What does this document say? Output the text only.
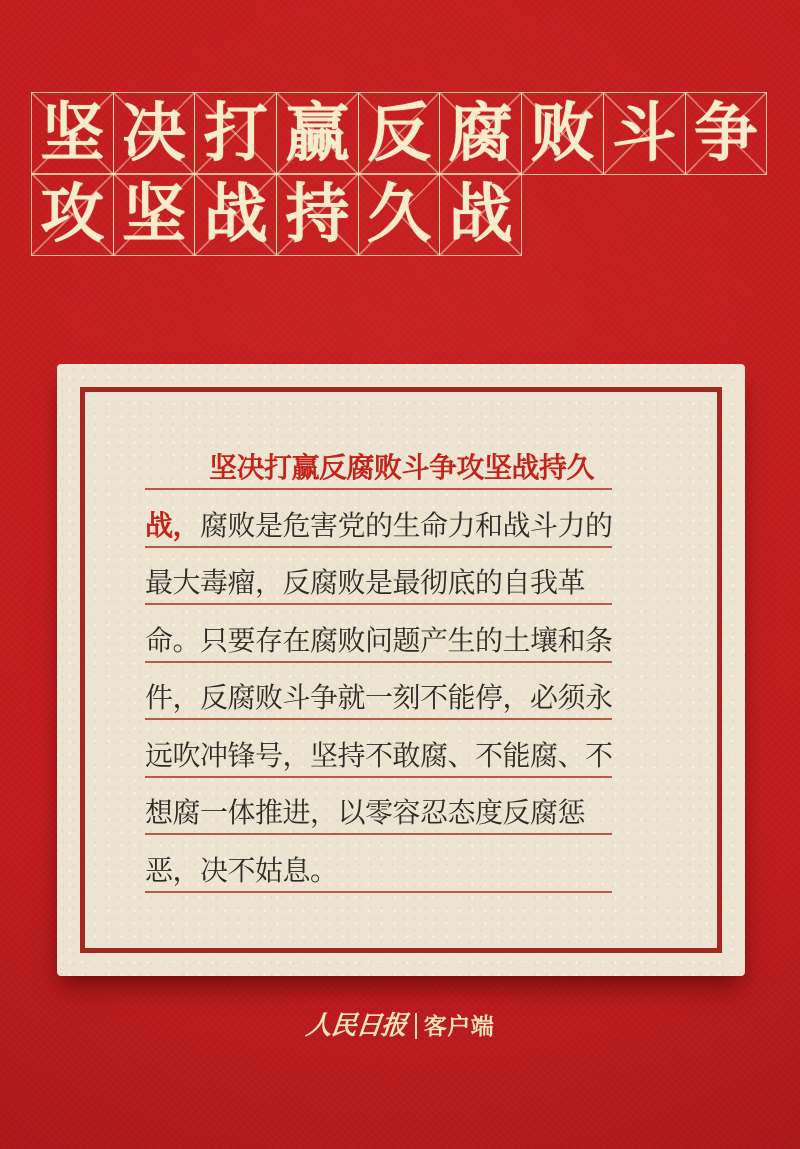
坚 决 打 赢 反 腐 败 斗 争
攻 坚 战 持 久 战
坚决打赢反腐败斗争攻坚战持久
战， 腐败是危害党的生命力和战斗力的
最大毒瘤，反腐败是最彻底的自我革
命。只要存在腐败问题产生的土壤和条
件，反腐败斗争就一刻不能停，必须永
远吹冲锋号，坚持不敢腐、不能腐、不
想腐一体推进，以零容忍态度反腐惩
恶，决不姑息。
人民日报 客户端
